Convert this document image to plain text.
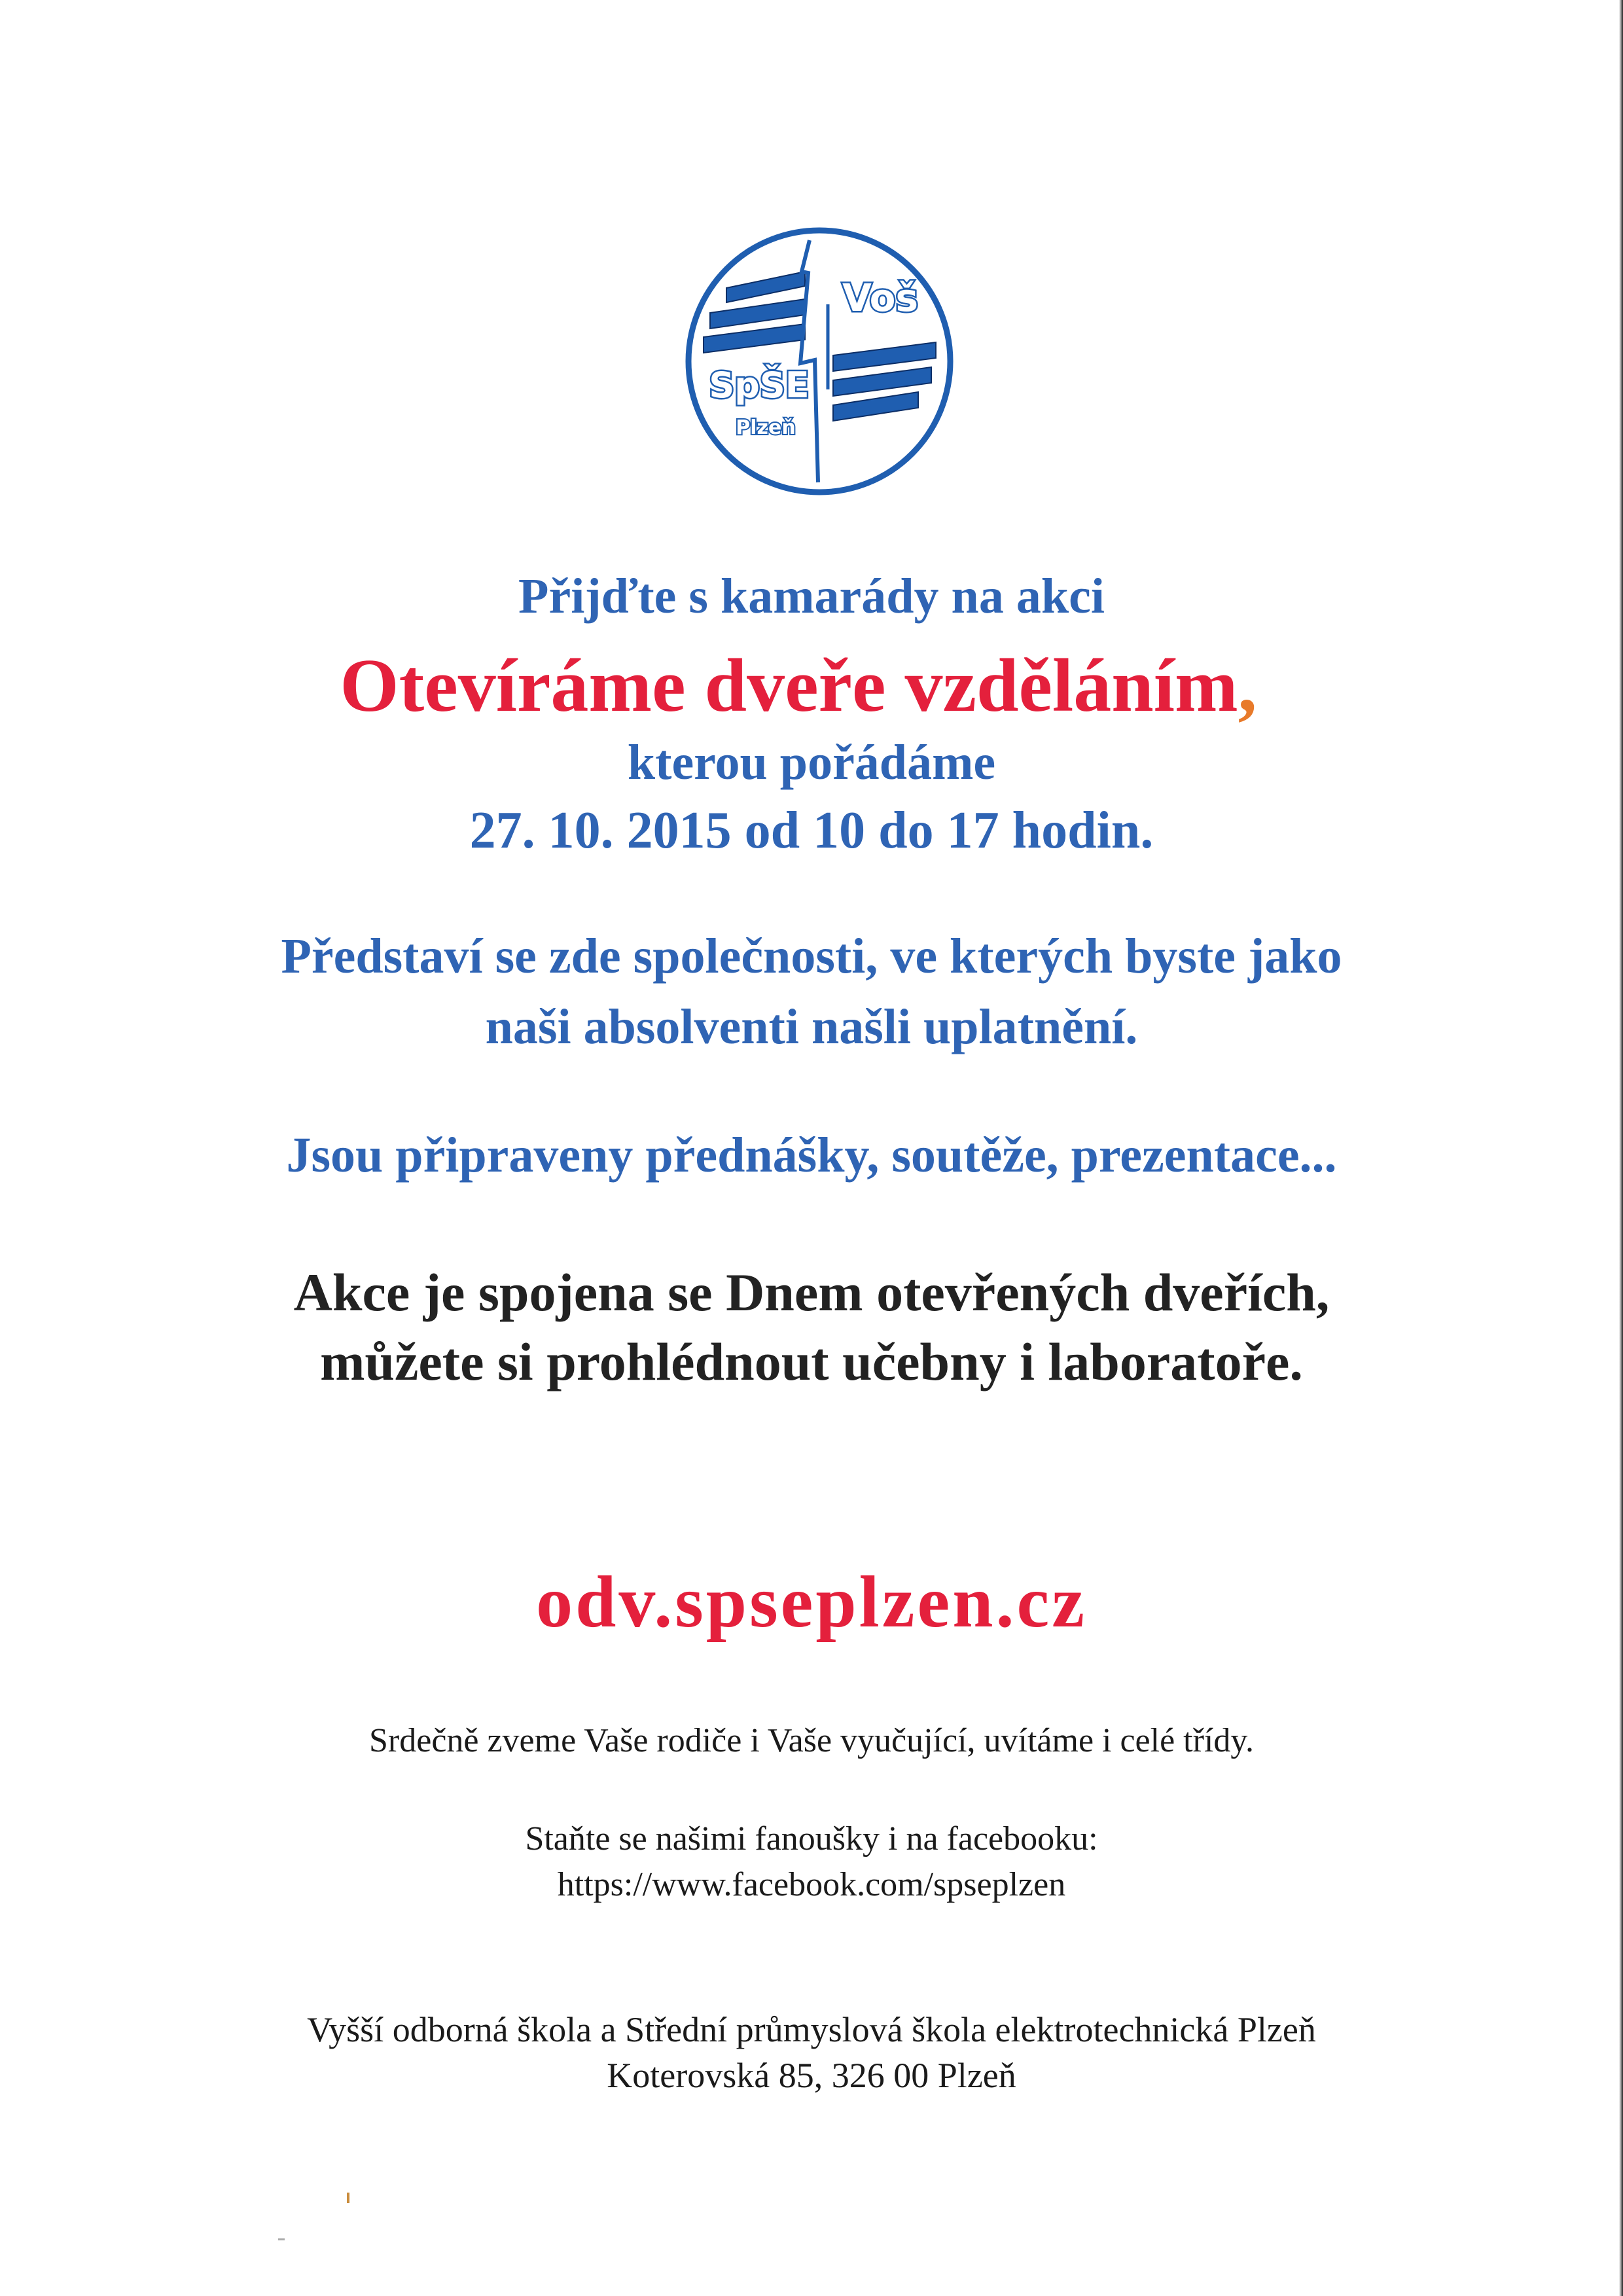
Voš
SpŠE
Plzeň

Přijďte s kamarády na akci

Otevíráme dveře vzděláním,

kterou pořádáme

27. 10. 2015 od 10 do 17 hodin.

Představí se zde společnosti, ve kterých byste jako

naši absolventi našli uplatnění.

Jsou připraveny přednášky, soutěže, prezentace...

Akce je spojena se Dnem otevřených dveřích,

můžete si prohlédnout učebny i laboratoře.

odv.spseplzen.cz

Srdečně zveme Vaše rodiče i Vaše vyučující, uvítáme i celé třídy.

Staňte se našimi fanoušky i na facebooku:

https://www.facebook.com/spseplzen

Vyšší odborná škola a Střední průmyslová škola elektrotechnická Plzeň

Koterovská 85, 326 00 Plzeň
